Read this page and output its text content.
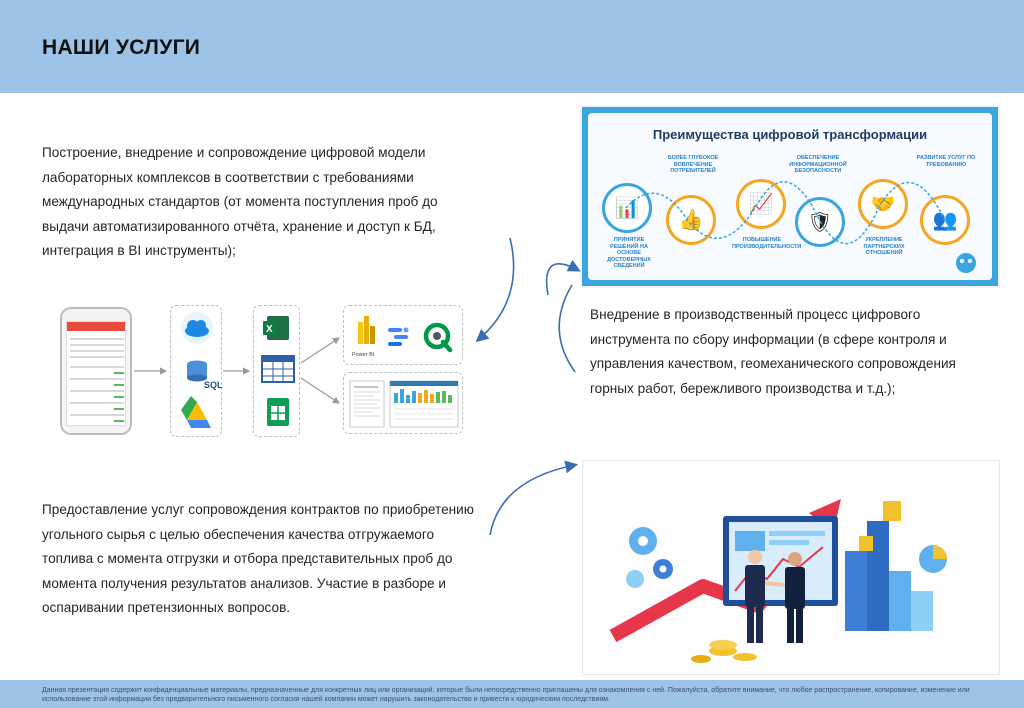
НАШИ УСЛУГИ
Построение, внедрение и сопровождение цифровой модели лабораторных комплексов в соответствии с требованиями международных стандартов (от момента поступления проб до выдачи автоматизированного отчёта, хранение и доступ к БД, интеграция в BI инструменты);
Внедрение в производственный процесс цифрового инструмента по сбору информации (в сфере контроля и управления качеством, геомеханического сопровождения горных работ, бережливого производства и т.д.);
Предоставление услуг сопровождения контрактов по приобретению угольного сырья с целью обеспечения качества отгружаемого топлива с момента отгрузки и отбора представительных проб до момента получения результатов анализов. Участие в разборе и оспаривании претензионных вопросов.
Преимущества цифровой трансформации
📊
👍
📈
🛡
🤝
👥
ПРИНЯТИЕ РЕШЕНИЙ НА ОСНОВЕ ДОСТОВЕРНЫХ СВЕДЕНИЙ
БОЛЕЕ ГЛУБОКОЕ ВОВЛЕЧЕНИЕ ПОТРЕБИТЕЛЕЙ
ПОВЫШЕНИЕ ПРОИЗВОДИТЕЛЬНОСТИ
ОБЕСПЕЧЕНИЕ ИНФОРМАЦИОННОЙ БЕЗОПАСНОСТИ
УКРЕПЛЕНИЕ ПАРТНЕРСКИХ ОТНОШЕНИЙ
РАЗВИТИЕ УСЛУГ ПО ТРЕБОВАНИЮ
SQL
X
Power BI
Данная презентация содержит конфиденциальные материалы, предназначенные для конкретных лиц или организаций, которые были непосредственно приглашены для ознакомления с ней. Пожалуйста, обратите внимание, что любое распространение, копирование, изменение или использование этой информации без предварительного письменного согласия нашей компании может нарушить законодательство и привести к юридическим последствиям.
